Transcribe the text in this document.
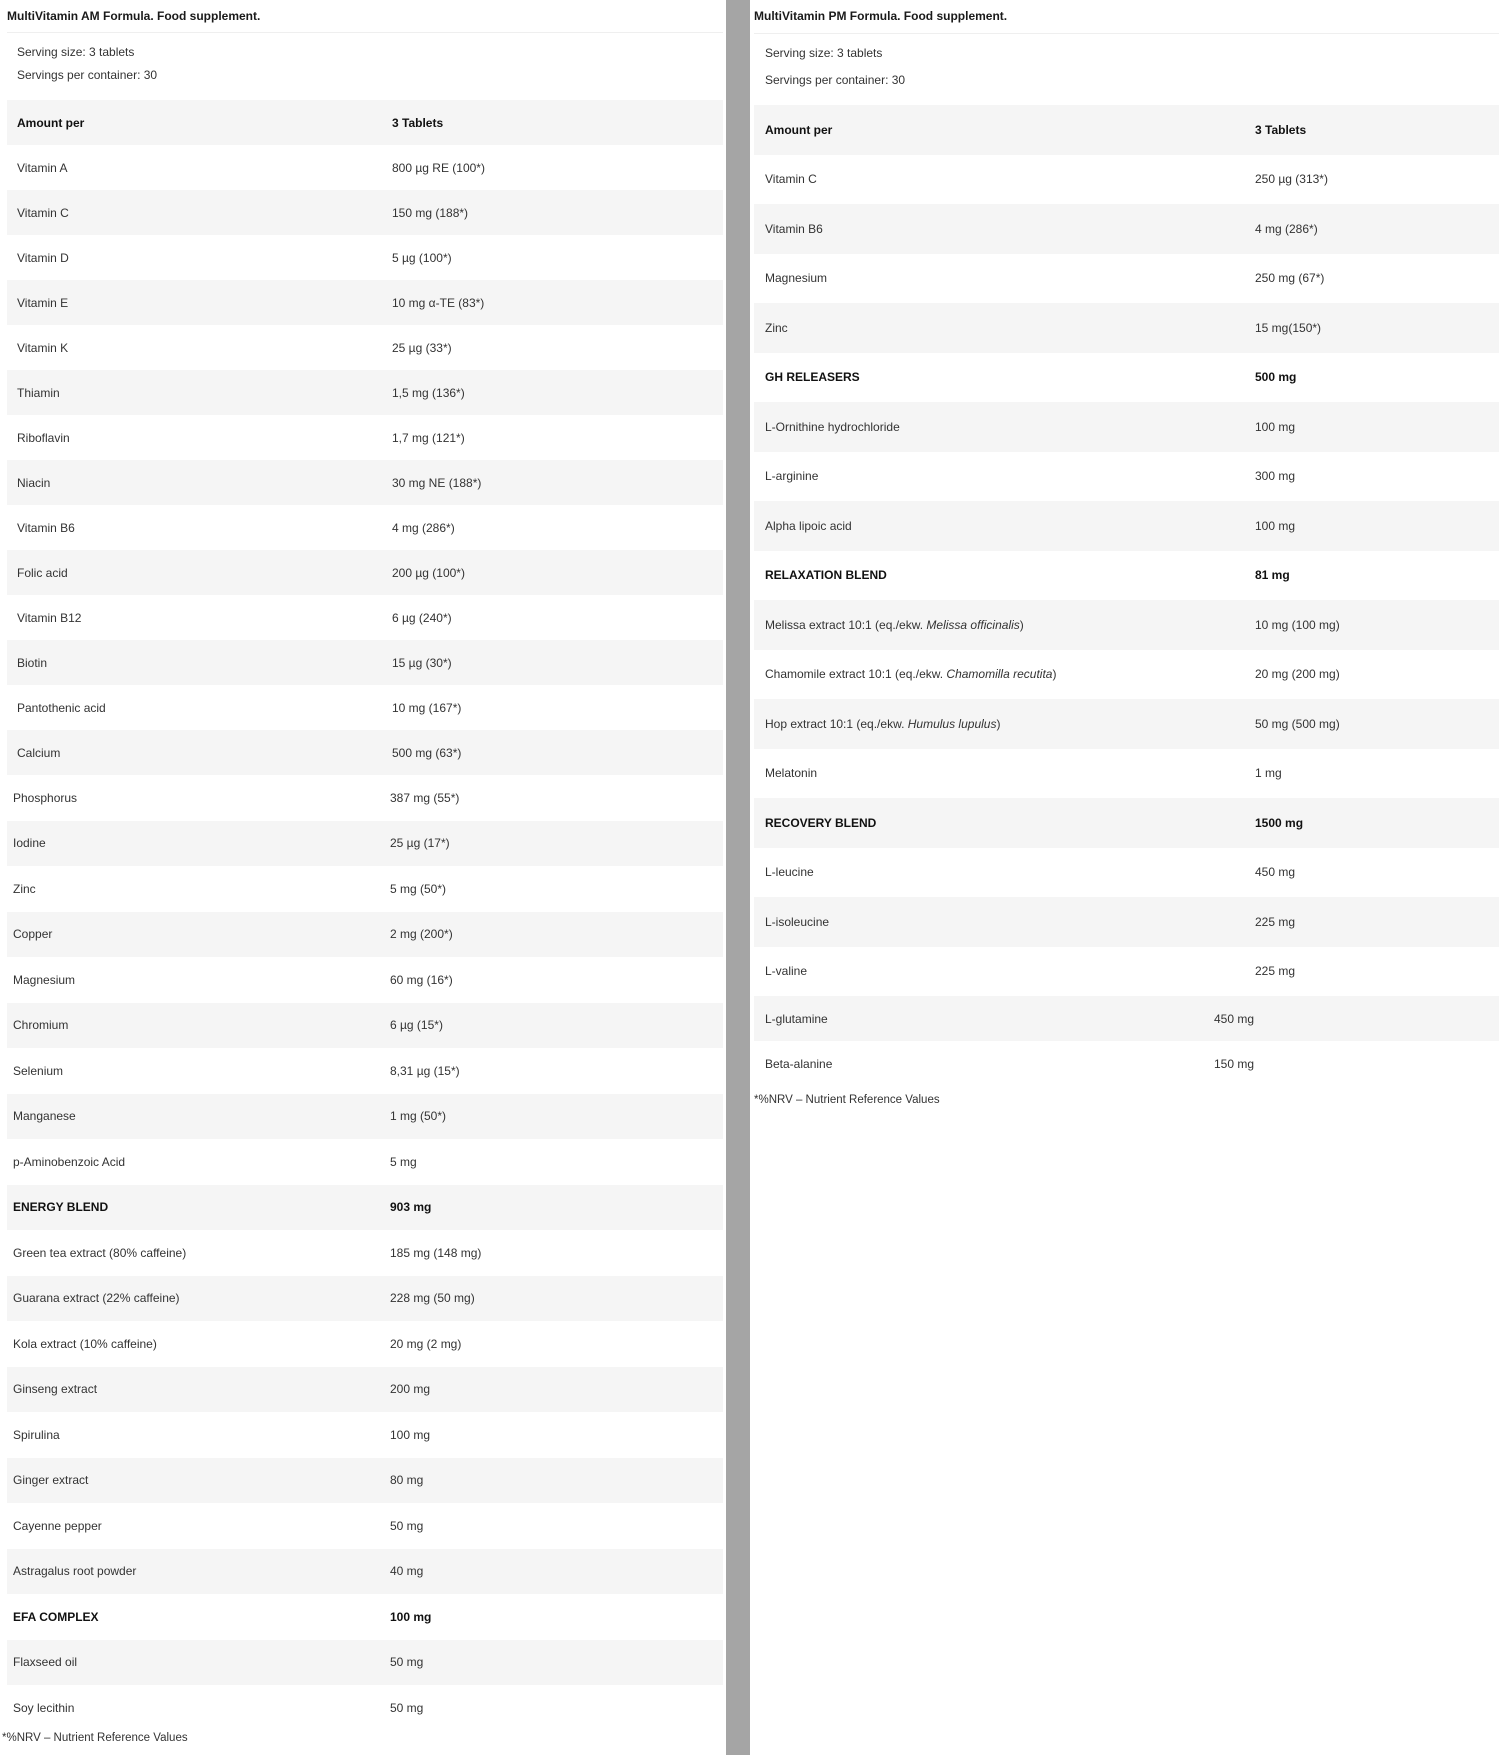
MultiVitamin AM Formula. Food supplement.
Serving size: 3 tablets
Servings per container: 30
Amount per	3 Tablets
Vitamin A	800 µg RE (100*)
Vitamin C	150 mg (188*)
Vitamin D	5 µg (100*)
Vitamin E	10 mg α-TE (83*)
Vitamin K	25 µg (33*)
Thiamin	1,5 mg (136*)
Riboflavin	1,7 mg (121*)
Niacin	30 mg NE (188*)
Vitamin B6	4 mg (286*)
Folic acid	200 µg (100*)
Vitamin B12	6 µg (240*)
Biotin	15 µg (30*)
Pantothenic acid	10 mg (167*)
Calcium	500 mg (63*)
Phosphorus	387 mg (55*)
Iodine	25 µg (17*)
Zinc	5 mg (50*)
Copper	2 mg (200*)
Magnesium	60 mg (16*)
Chromium	6 µg (15*)
Selenium	8,31 µg (15*)
Manganese	1 mg (50*)
p-Aminobenzoic Acid	5 mg
ENERGY BLEND	903 mg
Green tea extract (80% caffeine)	185 mg (148 mg)
Guarana extract (22% caffeine)	228 mg (50 mg)
Kola extract (10% caffeine)	20 mg (2 mg)
Ginseng extract	200 mg
Spirulina	100 mg
Ginger extract	80 mg
Cayenne pepper	50 mg
Astragalus root powder	40 mg
EFA COMPLEX	100 mg
Flaxseed oil	50 mg
Soy lecithin	50 mg
*%NRV – Nutrient Reference Values
MultiVitamin PM Formula. Food supplement.
Serving size: 3 tablets
Servings per container: 30
Amount per	3 Tablets
Vitamin C	250 µg (313*)
Vitamin B6	4 mg (286*)
Magnesium	250 mg (67*)
Zinc	15 mg(150*)
GH RELEASERS	500 mg
L-Ornithine hydrochloride	100 mg
L-arginine	300 mg
Alpha lipoic acid	100 mg
RELAXATION BLEND	81 mg
Melissa extract 10:1 (eq./ekw. Melissa officinalis )	10 mg (100 mg)
Chamomile extract 10:1 (eq./ekw. Chamomilla recutita )	20 mg (200 mg)
Hop extract 10:1 (eq./ekw. Humulus lupulus )	50 mg (500 mg)
Melatonin	1 mg
RECOVERY BLEND	1500 mg
L-leucine	450 mg
L-isoleucine	225 mg
L-valine	225 mg
L-glutamine	450 mg
Beta-alanine	150 mg
*%NRV – Nutrient Reference Values
